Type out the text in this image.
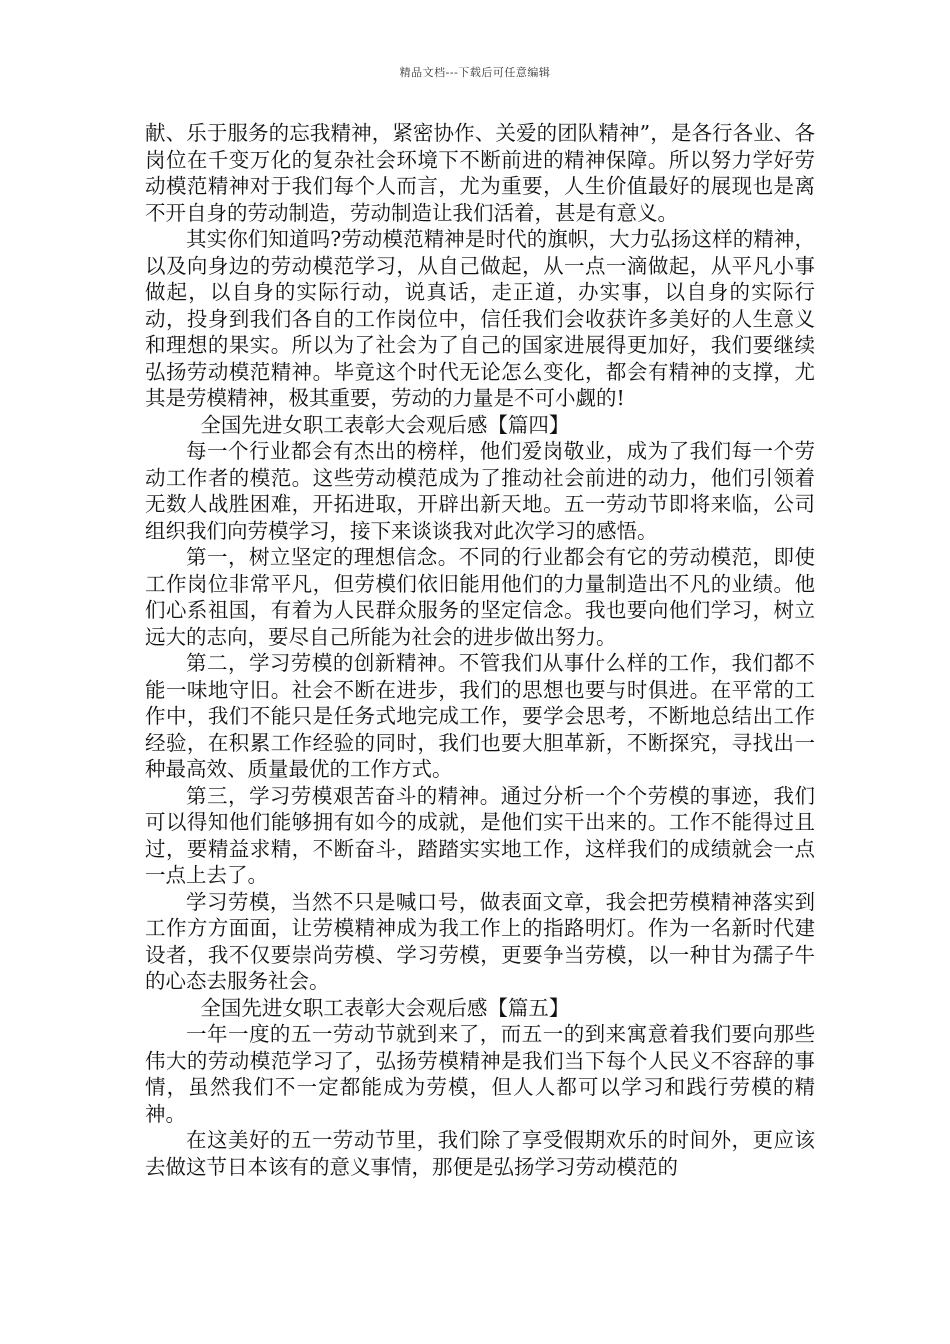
精品文档---下载后可任意编辑

献、乐于服务的忘我精神，紧密协作、关爱的团队精神”，是各行各业、各岗位在千变万化的复杂社会环境下不断前进的精神保障。所以努力学好劳动模范精神对于我们每个人而言，尤为重要，人生价值最好的展现也是离不开自身的劳动制造，劳动制造让我们活着，甚是有意义。

其实你们知道吗?劳动模范精神是时代的旗帜，大力弘扬这样的精神，以及向身边的劳动模范学习，从自己做起，从一点一滴做起，从平凡小事做起，以自身的实际行动，说真话，走正道，办实事，以自身的实际行动，投身到我们各自的工作岗位中，信任我们会收获许多美好的人生意义和理想的果实。所以为了社会为了自己的国家进展得更加好，我们要继续弘扬劳动模范精神。毕竟这个时代无论怎么变化，都会有精神的支撑，尤其是劳模精神，极其重要，劳动的力量是不可小觑的!

全国先进女职工表彰大会观后感【篇四】

每一个行业都会有杰出的榜样，他们爱岗敬业，成为了我们每一个劳动工作者的模范。这些劳动模范成为了推动社会前进的动力，他们引领着无数人战胜困难，开拓进取，开辟出新天地。五一劳动节即将来临，公司组织我们向劳模学习，接下来谈谈我对此次学习的感悟。

第一，树立坚定的理想信念。不同的行业都会有它的劳动模范，即使工作岗位非常平凡，但劳模们依旧能用他们的力量制造出不凡的业绩。他们心系祖国，有着为人民群众服务的坚定信念。我也要向他们学习，树立远大的志向，要尽自己所能为社会的进步做出努力。

第二，学习劳模的创新精神。不管我们从事什么样的工作，我们都不能一味地守旧。社会不断在进步，我们的思想也要与时俱进。在平常的工作中，我们不能只是任务式地完成工作，要学会思考，不断地总结出工作经验，在积累工作经验的同时，我们也要大胆革新，不断探究，寻找出一种最高效、质量最优的工作方式。

第三，学习劳模艰苦奋斗的精神。通过分析一个个劳模的事迹，我们可以得知他们能够拥有如今的成就，是他们实干出来的。工作不能得过且过，要精益求精，不断奋斗，踏踏实实地工作，这样我们的成绩就会一点一点上去了。

学习劳模，当然不只是喊口号，做表面文章，我会把劳模精神落实到工作方方面面，让劳模精神成为我工作上的指路明灯。作为一名新时代建设者，我不仅要崇尚劳模、学习劳模，更要争当劳模，以一种甘为孺子牛的心态去服务社会。

全国先进女职工表彰大会观后感【篇五】

一年一度的五一劳动节就到来了，而五一的到来寓意着我们要向那些伟大的劳动模范学习了，弘扬劳模精神是我们当下每个人民义不容辞的事情，虽然我们不一定都能成为劳模，但人人都可以学习和践行劳模的精神。

在这美好的五一劳动节里，我们除了享受假期欢乐的时间外，更应该去做这节日本该有的意义事情，那便是弘扬学习劳动模范的
